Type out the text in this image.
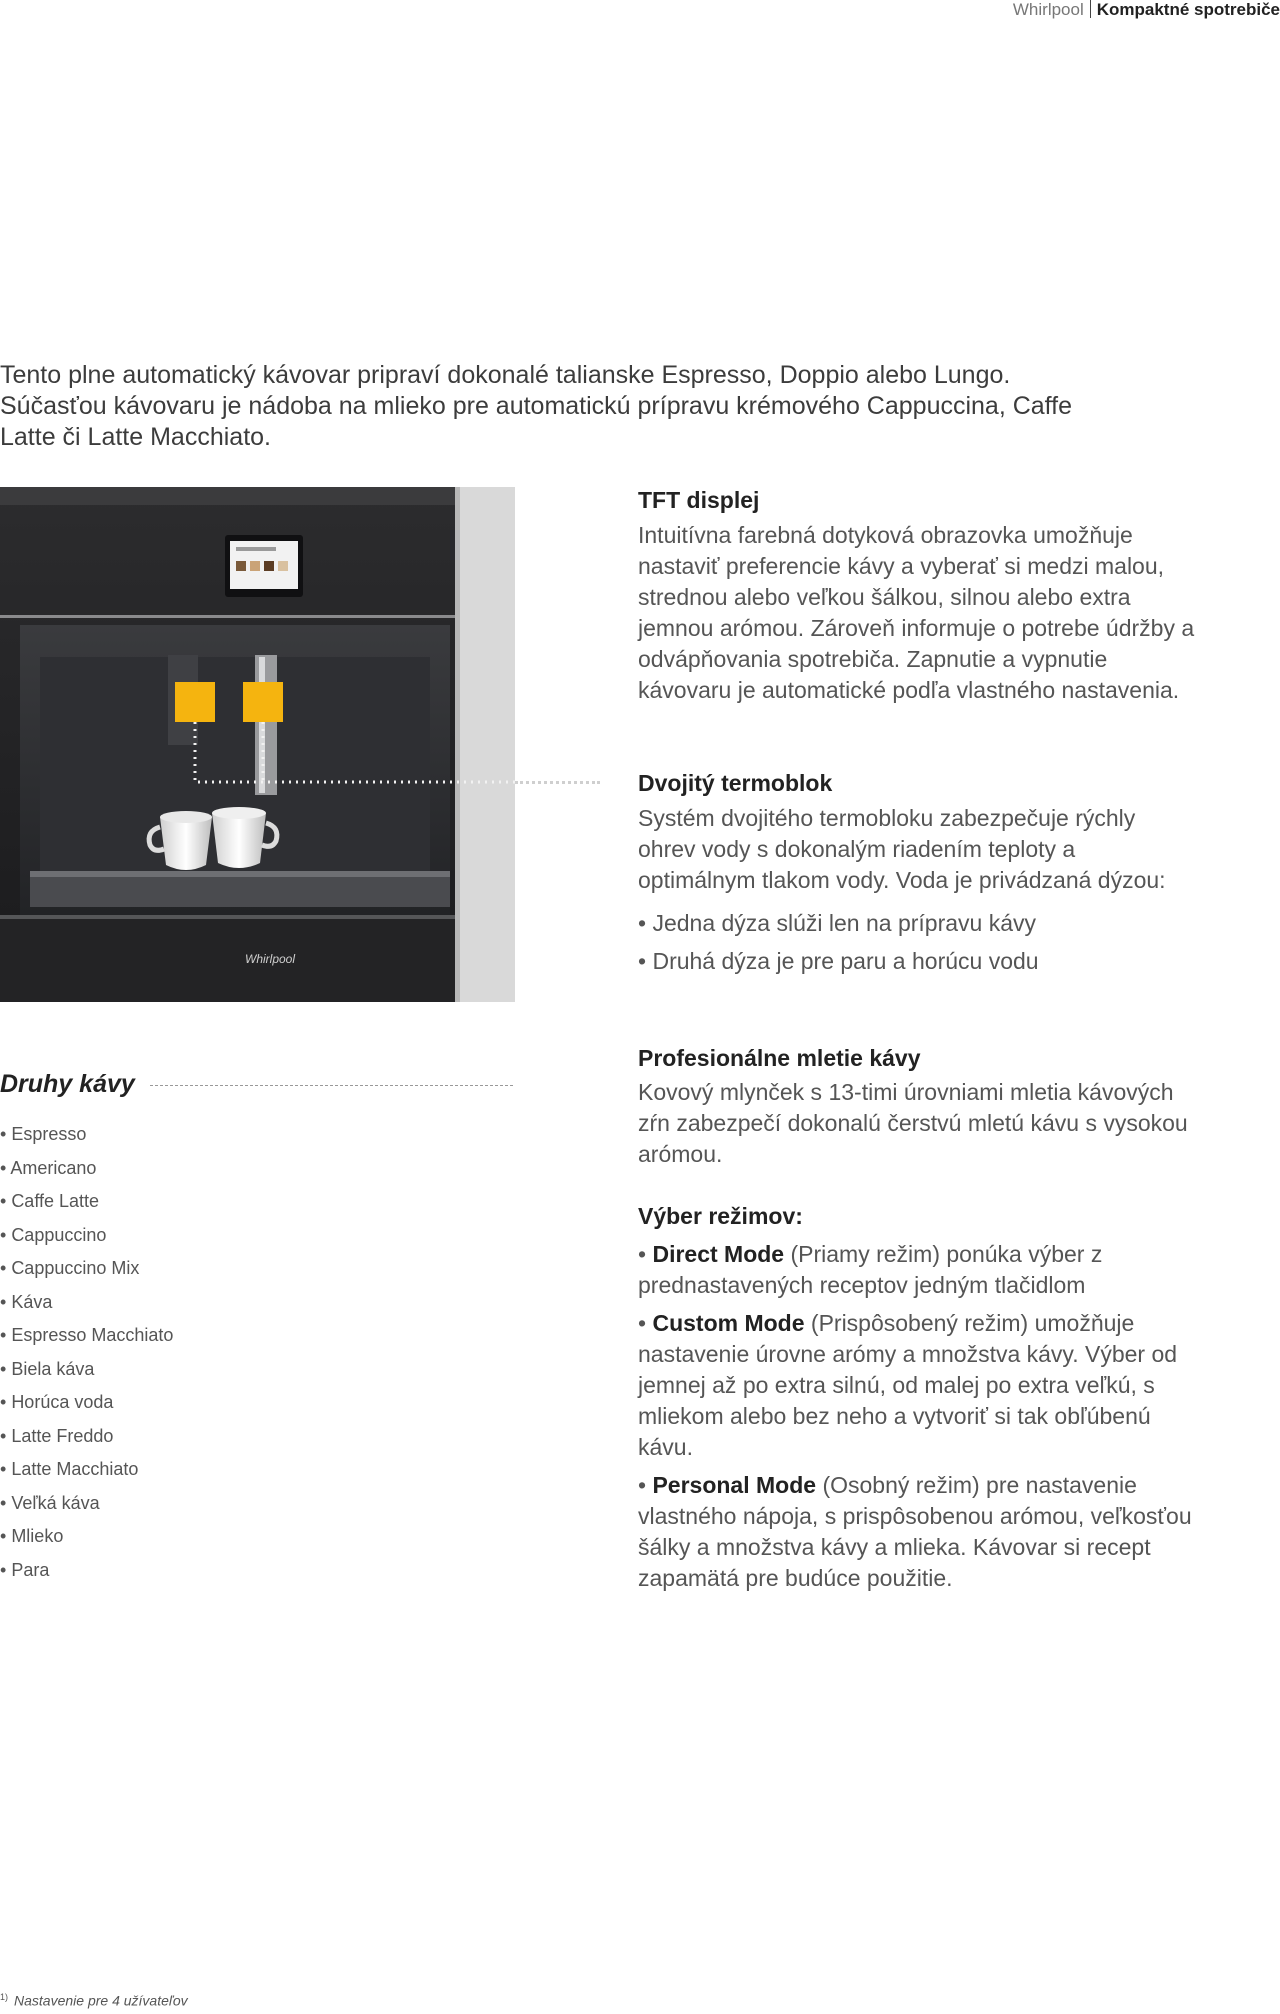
Whirlpool Kompaktné spotrebiče
Tento plne automatický kávovar pripraví dokonalé talianske Espresso, Doppio alebo Lungo. Súčasťou kávovaru je nádoba na mlieko pre automatickú prípravu krémového Cappuccina, Caffe Latte či Latte Macchiato.
Whirlpool
TFT displej
Intuitívna farebná dotyková obrazovka umožňuje nastaviť preferencie kávy a vyberať si medzi malou, strednou alebo veľkou šálkou, silnou alebo extra jemnou arómou. Zároveň informuje o potrebe údržby a odvápňovania spotrebiča. Zapnutie a vypnutie kávovaru je automatické podľa vlastného nastavenia.
Dvojitý termoblok
Systém dvojitého termobloku zabezpečuje rýchly ohrev vody s dokonalým riadením teploty a optimálnym tlakom vody. Voda je privádzaná dýzou:
• Jedna dýza slúži len na prípravu kávy
• Druhá dýza je pre paru a horúcu vodu
Profesionálne mletie kávy
Kovový mlynček s 13-timi úrovniami mletia kávových zŕn zabezpečí dokonalú čerstvú mletú kávu s vysokou arómou.
Výber režimov:
• Direct Mode (Priamy režim) ponúka výber z prednastavených receptov jedným tlačidlom
• Custom Mode (Prispôsobený režim) umožňuje nastavenie úrovne arómy a množstva kávy. Výber od jemnej až po extra silnú, od malej po extra veľkú, s mliekom alebo bez neho a vytvoriť si tak obľúbenú kávu.
• Personal Mode (Osobný režim) pre nastavenie vlastného nápoja, s prispôsobenou arómou, veľkosťou šálky a množstva kávy a mlieka. Kávovar si recept zapamätá pre budúce použitie.
Druhy kávy
• Espresso
• Americano
• Caffe Latte
• Cappuccino
• Cappuccino Mix
• Káva
• Espresso Macchiato
• Biela káva
• Horúca voda
• Latte Freddo
• Latte Macchiato
• Veľká káva
• Mlieko
• Para
$^{1)}$ Nastavenie pre 4 užívateľov
